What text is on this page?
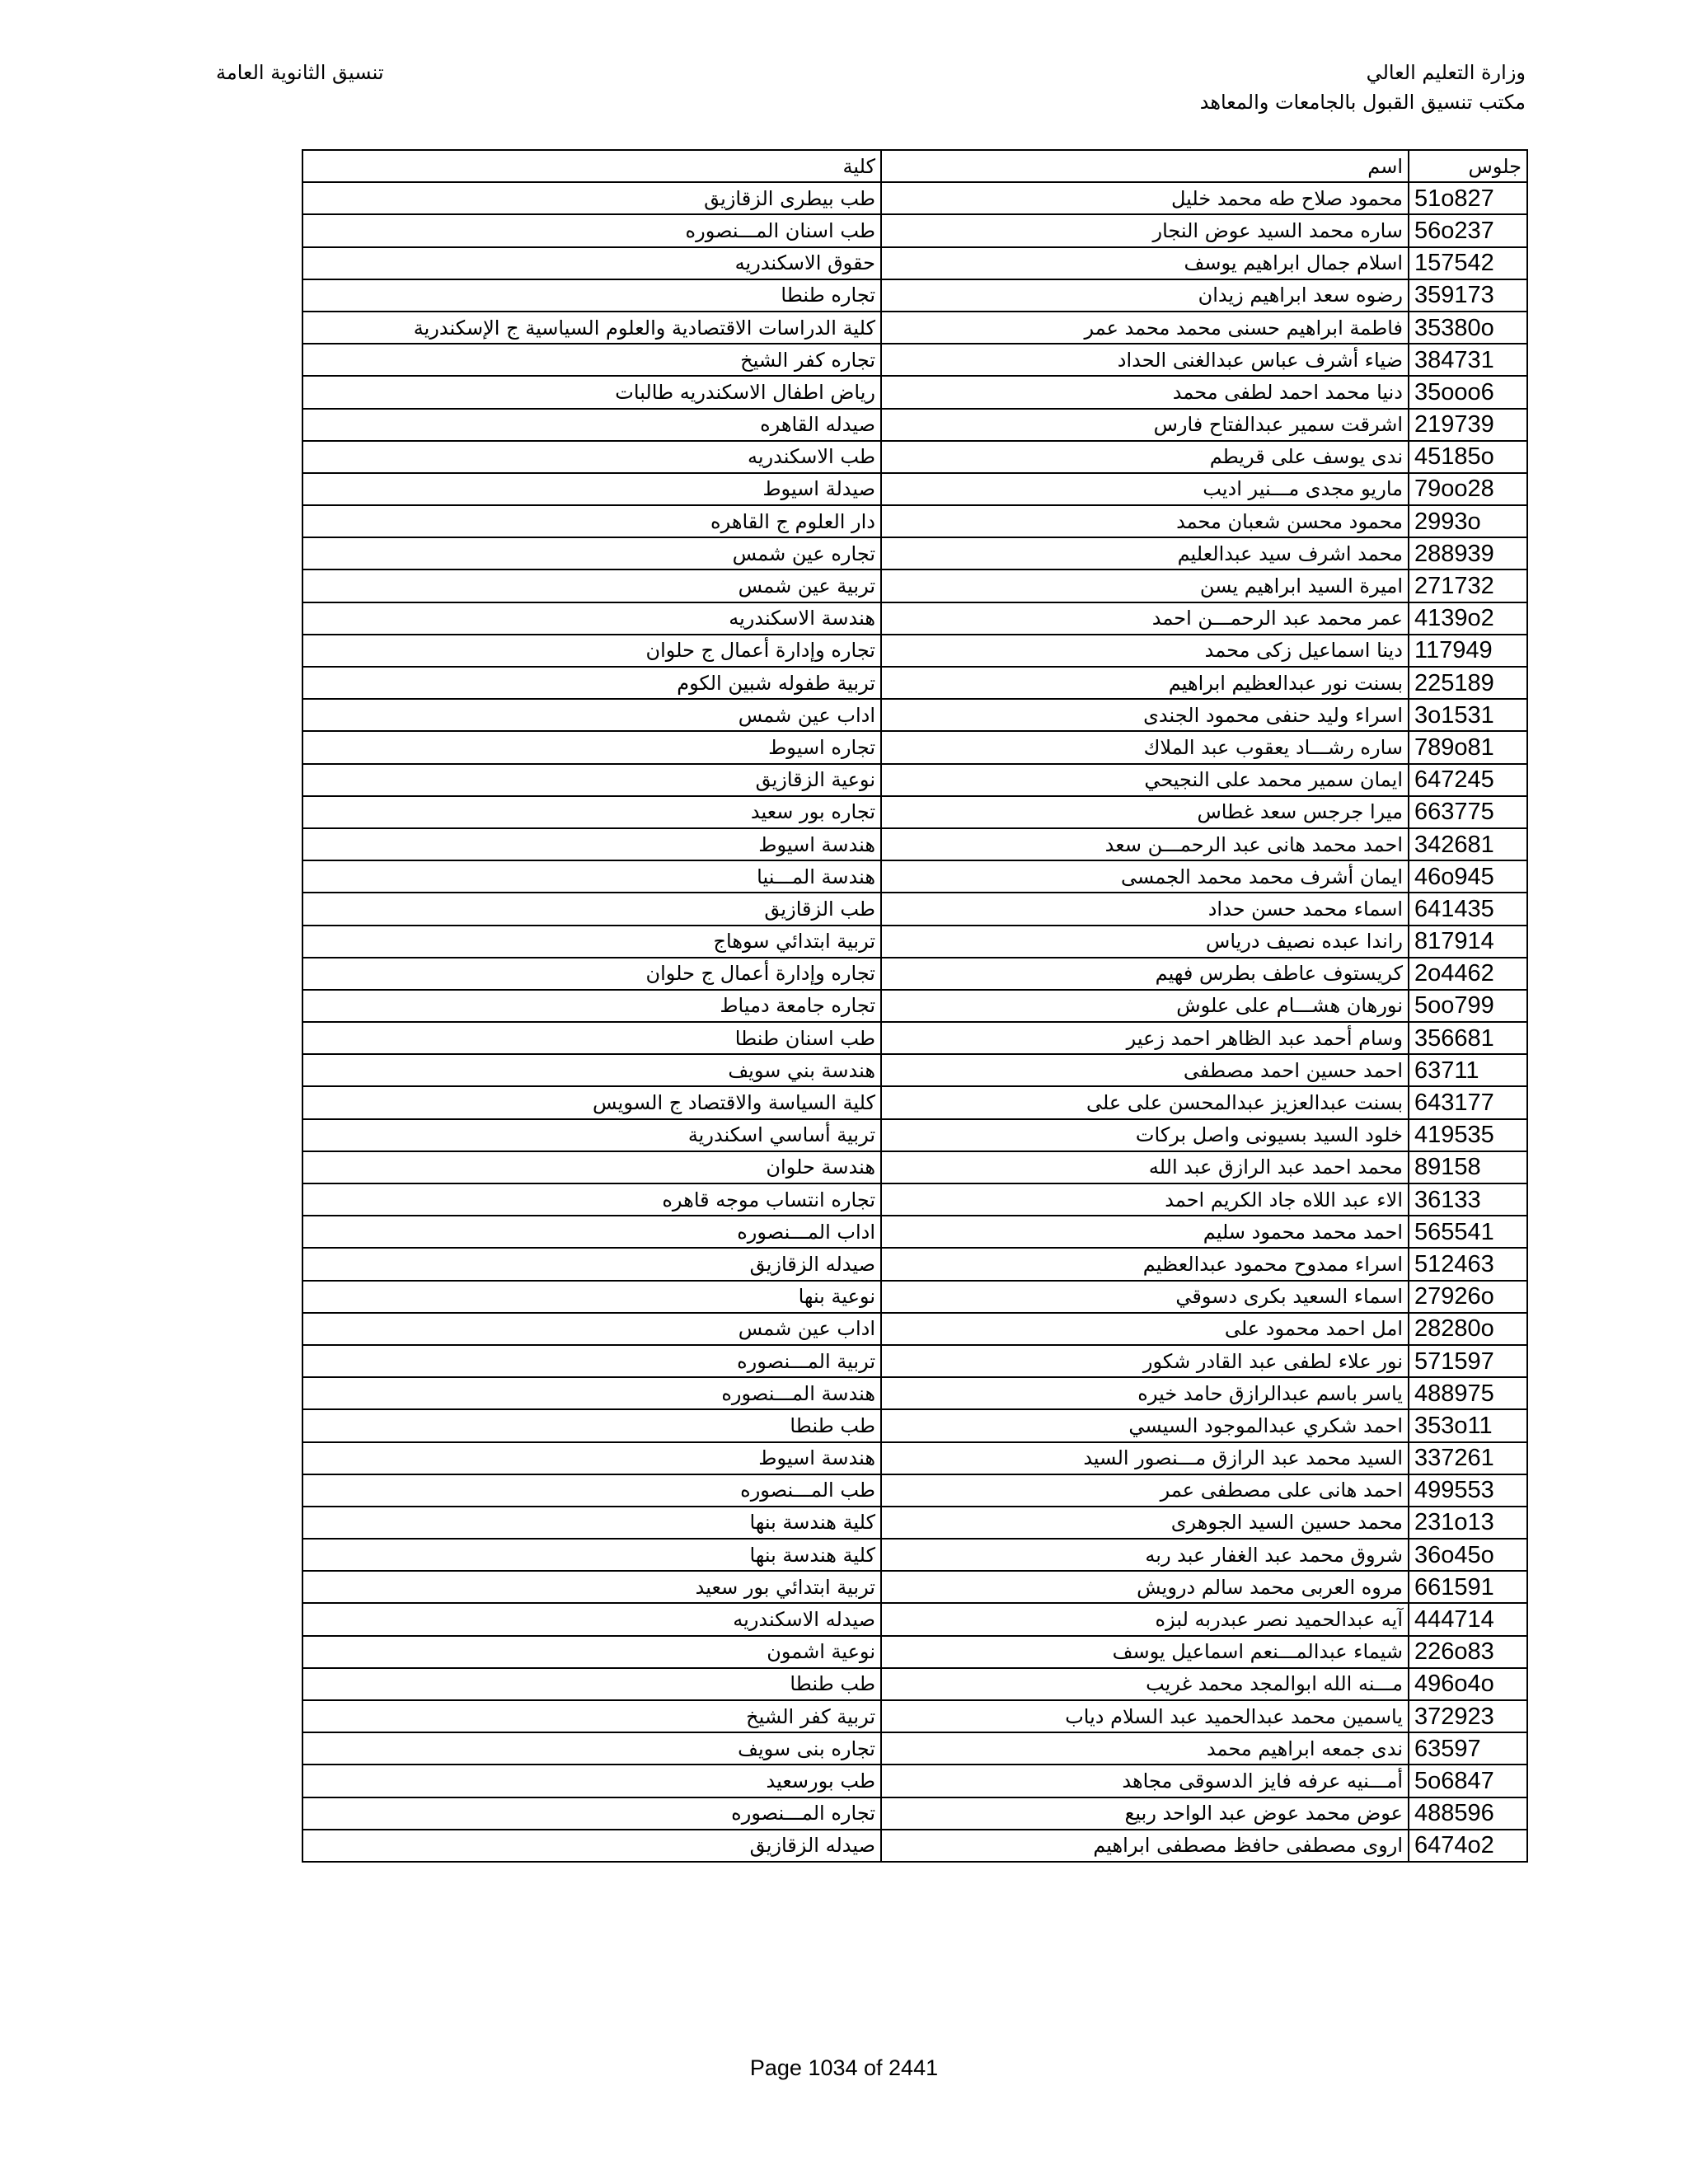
وزارة التعليم العالي
مكتب تنسيق القبول بالجامعات والمعاهد
تنسيق الثانوية العامة
جلوس	اسم	كلية
51o827	محمود صلاح طه محمد خليل	طب بيطرى الزقازيق
56o237	ساره محمد السيد عوض النجار	طب اسنان المـــنصوره
157542	اسلام جمال ابراهيم يوسف	حقوق الاسكندريه
359173	رضوه سعد ابراهيم زيدان	تجاره طنطا
35380o	فاطمة ابراهيم حسنى محمد محمد عمر	كلية الدراسات الاقتصادية والعلوم السياسية ج الإسكندرية
384731	ضياء أشرف عباس عبدالغنى الحداد	تجاره كفر الشيخ
35ooo6	دنيا محمد احمد لطفى محمد	رياض اطفال الاسكندريه طالبات
219739	اشرقت سمير عبدالفتاح فارس	صيدله القاهره
45185o	ندى يوسف على قريطم	طب الاسكندريه
79oo28	ماريو مجدى مـــنير اديب	صيدلة اسيوط
2993o	محمود محسن شعبان محمد	دار العلوم ج القاهره
288939	محمد اشرف سيد عبدالعليم	تجاره عين شمس
271732	اميرة السيد ابراهيم يسن	تربية عين شمس
4139o2	عمر محمد عبد الرحمـــن احمد	هندسة الاسكندريه
117949	دينا اسماعيل زكى محمد	تجاره وإدارة أعمال ج حلوان
225189	بسنت نور عبدالعظيم ابراهيم	تربية طفوله شبين الكوم
3o1531	اسراء وليد حنفى محمود الجندى	اداب عين شمس
789o81	ساره رشـــاد يعقوب عبد الملاك	تجاره اسيوط
647245	ايمان سمير محمد على النجيحي	نوعية الزقازيق
663775	ميرا جرجس سعد غطاس	تجاره بور سعيد
342681	احمد محمد هانى عبد الرحمـــن سعد	هندسة اسيوط
46o945	ايمان أشرف محمد محمد الجمسى	هندسة المـــنيا
641435	اسماء محمد حسن حداد	طب الزقازيق
817914	راندا عبده نصيف درياس	تربية ابتدائي سوهاج
2o4462	كريستوف عاطف بطرس فهيم	تجاره وإدارة أعمال ج حلوان
5oo799	نورهان هشـــام على علوش	تجاره جامعة دمياط
356681	وسام أحمد عبد الظاهر احمد زعير	طب اسنان طنطا
63711	احمد حسين احمد مصطفى	هندسة بني سويف
643177	بسنت عبدالعزيز عبدالمحسن على على	كلية السياسة والاقتصاد ج السويس
419535	خلود السيد بسيونى واصل بركات	تربية أساسي اسكندرية
89158	محمد احمد عبد الرازق عبد الله	هندسة حلوان
36133	الاء عبد اللاه جاد الكريم احمد	تجاره انتساب موجه قاهره
565541	احمد محمد محمود سليم	اداب المـــنصوره
512463	اسراء ممدوح محمود عبدالعظيم	صيدله الزقازيق
27926o	اسماء السعيد بكرى دسوقي	نوعية بنها
28280o	امل احمد محمود على	اداب عين شمس
571597	نور علاء لطفى عبد القادر شكور	تربية المـــنصوره
488975	ياسر باسم عبدالرازق حامد خيره	هندسة المـــنصوره
353o11	احمد شكري عبدالموجود السيسي	طب طنطا
337261	السيد محمد عبد الرازق مـــنصور السيد	هندسة اسيوط
499553	احمد هانى على مصطفى عمر	طب المـــنصوره
231o13	محمد حسين السيد الجوهرى	كلية هندسة بنها
36o45o	شروق محمد عبد الغفار عبد ربه	كلية هندسة بنها
661591	مروه العربى محمد سالم درويش	تربية ابتدائي بور سعيد
444714	آيه عبدالحميد نصر عبدربه لبزه	صيدله الاسكندريه
226o83	شيماء عبدالمـــنعم اسماعيل يوسف	نوعية اشمون
496o4o	مـــنه الله ابوالمجد محمد غريب	طب طنطا
372923	ياسمين محمد عبدالحميد عبد السلام دياب	تربية كفر الشيخ
63597	ندى جمعه ابراهيم محمد	تجاره بنى سويف
5o6847	أمـــنيه عرفه فايز الدسوقى مجاهد	طب بورسعيد
488596	عوض محمد عوض عبد الواحد ربيع	تجاره المـــنصوره
6474o2	اروى مصطفى حافظ مصطفى ابراهيم	صيدله الزقازيق
Page 1034 of 2441
